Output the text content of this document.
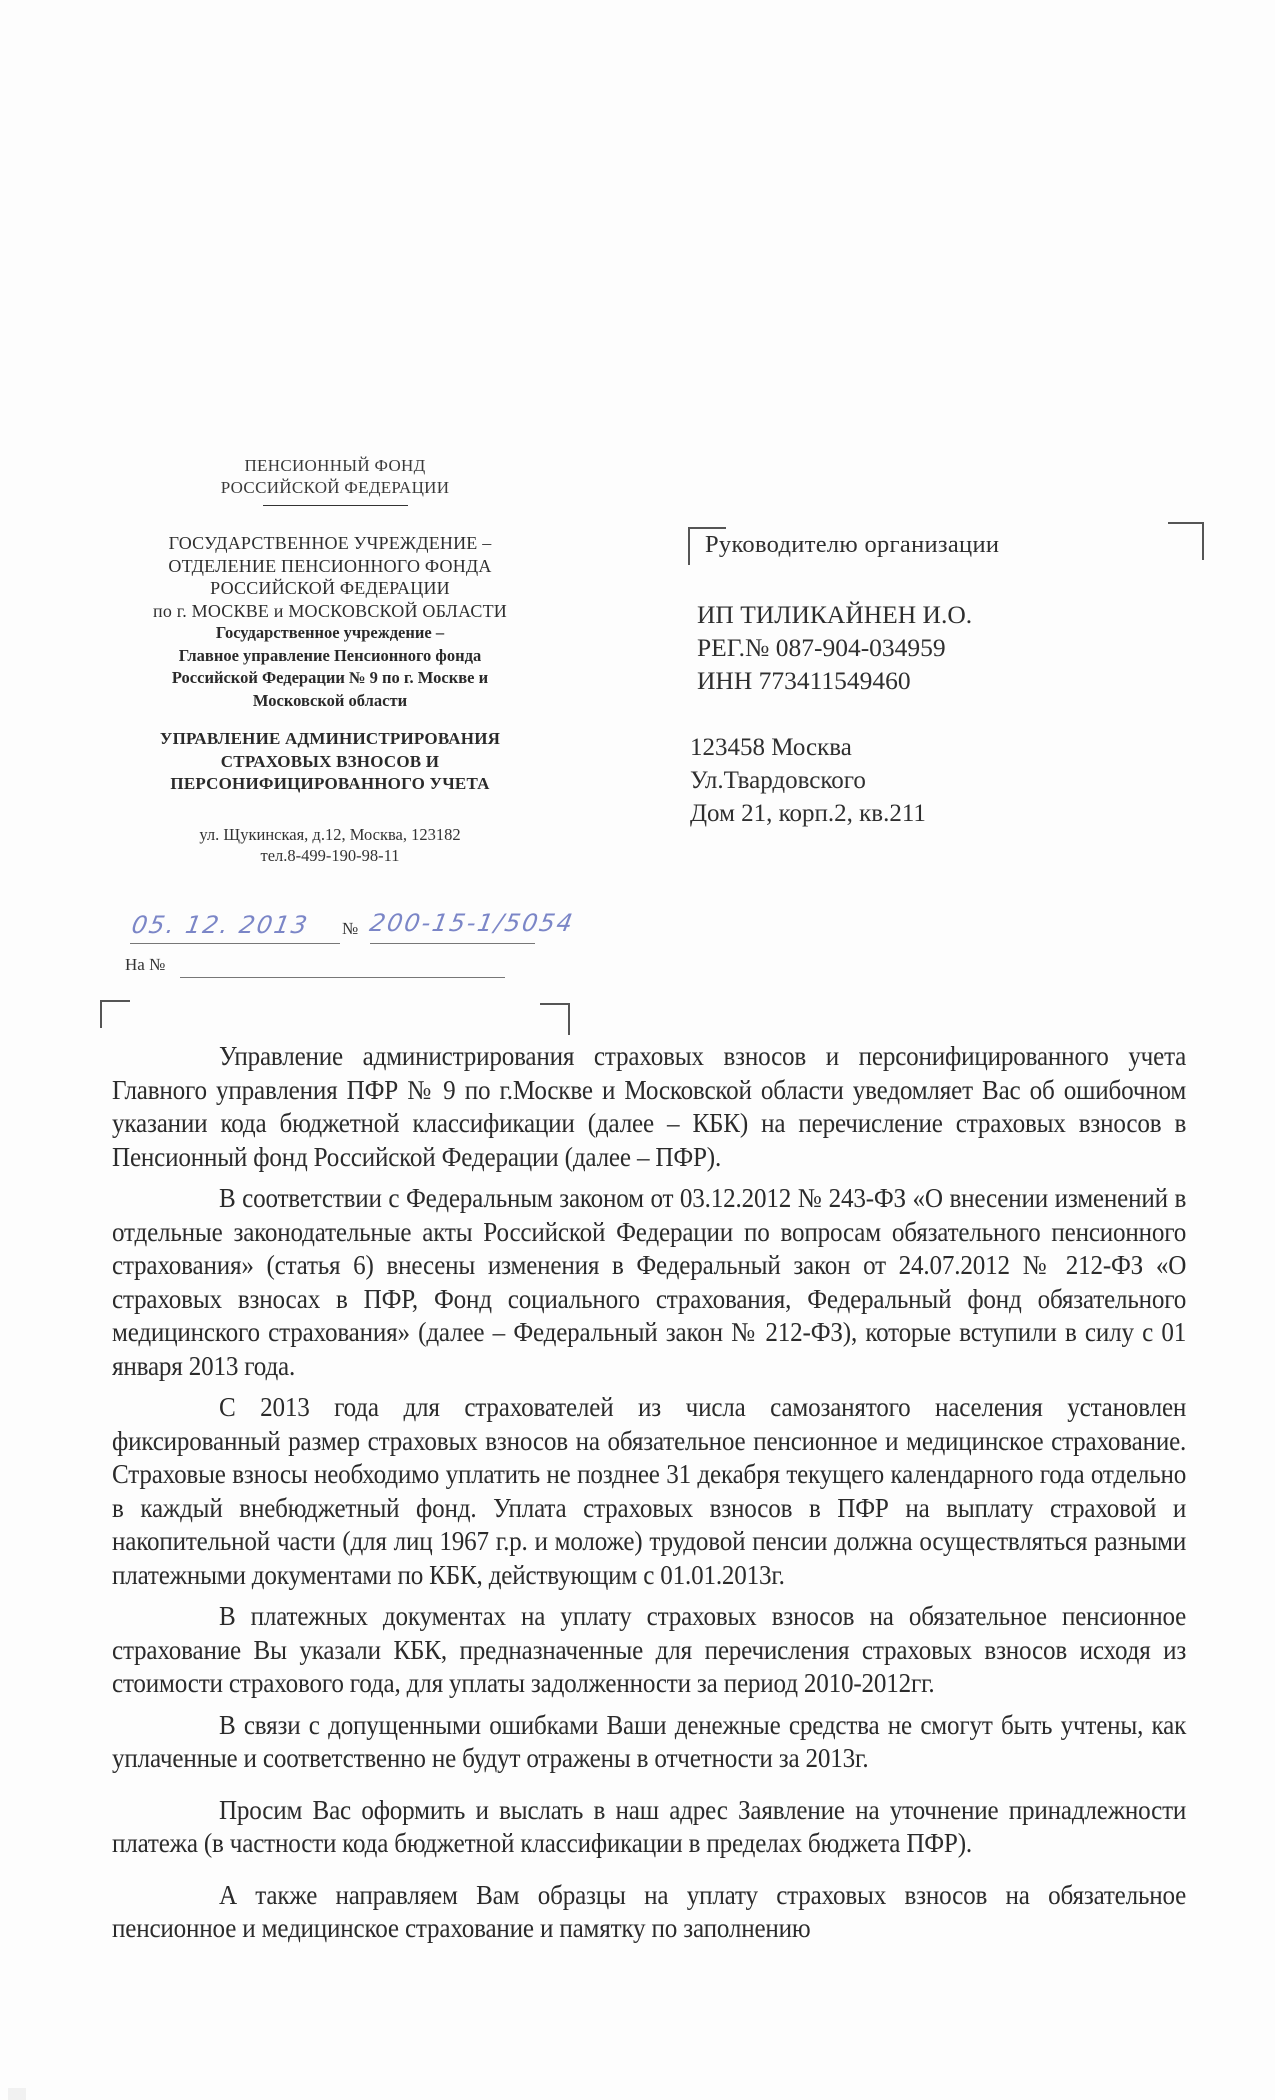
ПЕНСИОННЫЙ ФОНД
РОССИЙСКОЙ ФЕДЕРАЦИИ
ГОСУДАРСТВЕННОЕ УЧРЕЖДЕНИЕ –
ОТДЕЛЕНИЕ ПЕНСИОННОГО ФОНДА
РОССИЙСКОЙ ФЕДЕРАЦИИ
по г. МОСКВЕ и МОСКОВСКОЙ ОБЛАСТИ
Государственное учреждение –
Главное управление Пенсионного фонда
Российской Федерации № 9 по г. Москве и
Московской области
УПРАВЛЕНИЕ АДМИНИСТРИРОВАНИЯ
СТРАХОВЫХ ВЗНОСОВ И
ПЕРСОНИФИЦИРОВАННОГО УЧЕТА
ул. Щукинская, д.12, Москва, 123182
тел.8-499-190-98-11
05. 12. 2013 № 200-15-1/5054
На №
Руководителю организации
ИП ТИЛИКАЙНЕН И.О.
РЕГ.№ 087-904-034959
ИНН 773411549460
123458 Москва
Ул.Твардовского
Дом 21, корп.2, кв.211

Управление администрирования страховых взносов и персонифицированного учета Главного управления ПФР № 9 по г.Москве и Московской области уведомляет Вас об ошибочном указании кода бюджетной классификации (далее – КБК) на перечисление страховых взносов в Пенсионный фонд Российской Федерации (далее – ПФР).

В соответствии с Федеральным законом от 03.12.2012 № 243-ФЗ «О внесении изменений в отдельные законодательные акты Российской Федерации по вопросам обязательного пенсионного страхования» (статья 6) внесены изменения в Федеральный закон от 24.07.2012 № 212-ФЗ «О страховых взносах в ПФР, Фонд социального страхования, Федеральный фонд обязательного медицинского страхования» (далее – Федеральный закон № 212-ФЗ), которые вступили в силу с 01 января 2013 года.

С 2013 года для страхователей из числа самозанятого населения установлен фиксированный размер страховых взносов на обязательное пенсионное и медицинское страхование. Страховые взносы необходимо уплатить не позднее 31 декабря текущего календарного года отдельно в каждый внебюджетный фонд. Уплата страховых взносов в ПФР на выплату страховой и накопительной части (для лиц 1967 г.р. и моложе) трудовой пенсии должна осуществляться разными платежными документами по КБК, действующим с 01.01.2013г.

В платежных документах на уплату страховых взносов на обязательное пенсионное страхование Вы указали КБК, предназначенные для перечисления страховых взносов исходя из стоимости страхового года, для уплаты задолженности за период 2010-2012гг.

В связи с допущенными ошибками Ваши денежные средства не смогут быть учтены, как уплаченные и соответственно не будут отражены в отчетности за 2013г.

Просим Вас оформить и выслать в наш адрес Заявление на уточнение принадлежности платежа (в частности кода бюджетной классификации в пределах бюджета ПФР).

А также направляем Вам образцы на уплату страховых взносов на обязательное пенсионное и медицинское страхование и памятку по заполнению
